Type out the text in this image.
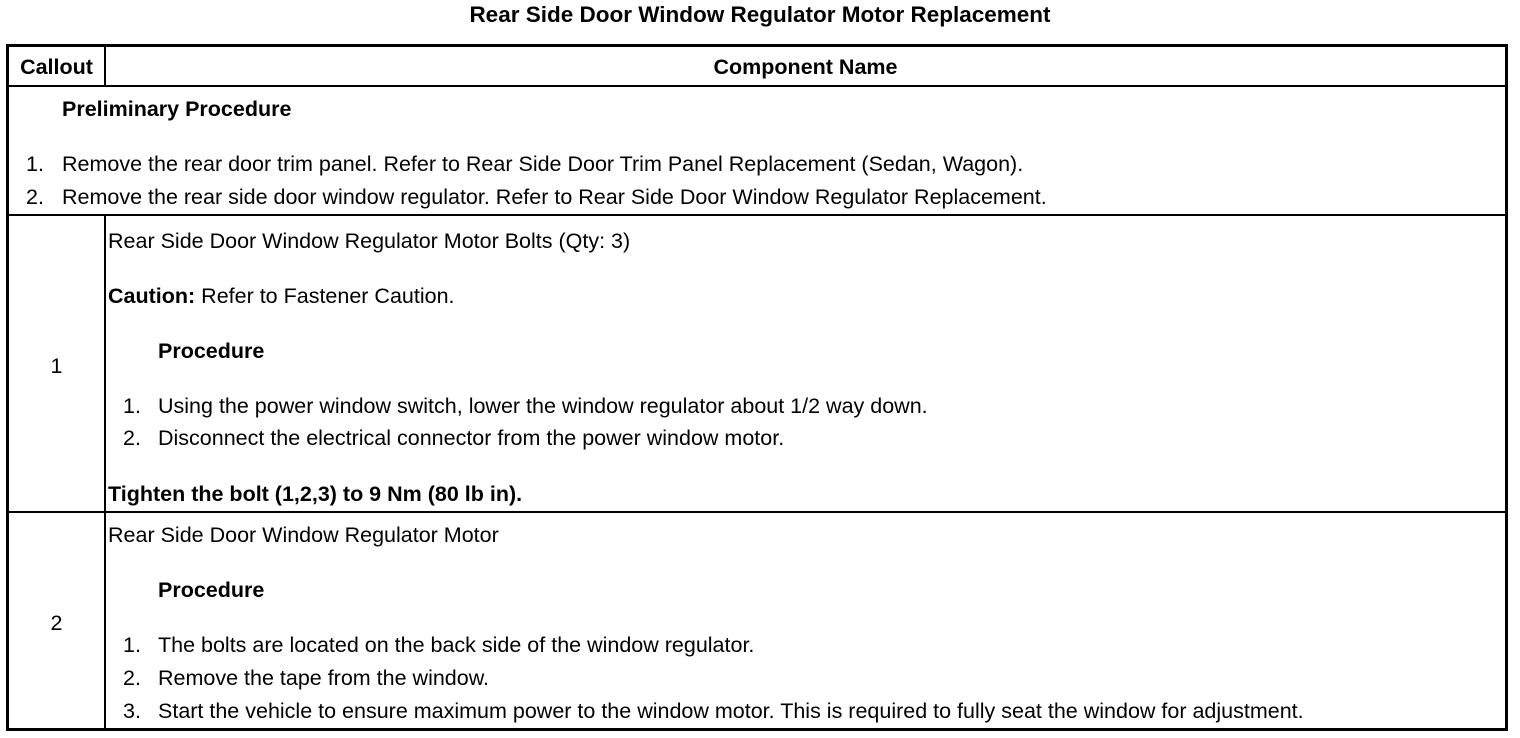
Rear Side Door Window Regulator Motor Replacement
Callout	Component Name
Preliminary Procedure
1. Remove the rear door trim panel. Refer to Rear Side Door Trim Panel Replacement (Sedan, Wagon).
2. Remove the rear side door window regulator. Refer to Rear Side Door Window Regulator Replacement.
1
Rear Side Door Window Regulator Motor Bolts (Qty: 3)
Caution: Refer to Fastener Caution.
Procedure
1. Using the power window switch, lower the window regulator about 1/2 way down.
2. Disconnect the electrical connector from the power window motor.
Tighten the bolt (1,2,3) to 9 Nm (80 lb in).
2
Rear Side Door Window Regulator Motor
Procedure
1. The bolts are located on the back side of the window regulator.
2. Remove the tape from the window.
3. Start the vehicle to ensure maximum power to the window motor. This is required to fully seat the window for adjustment.
